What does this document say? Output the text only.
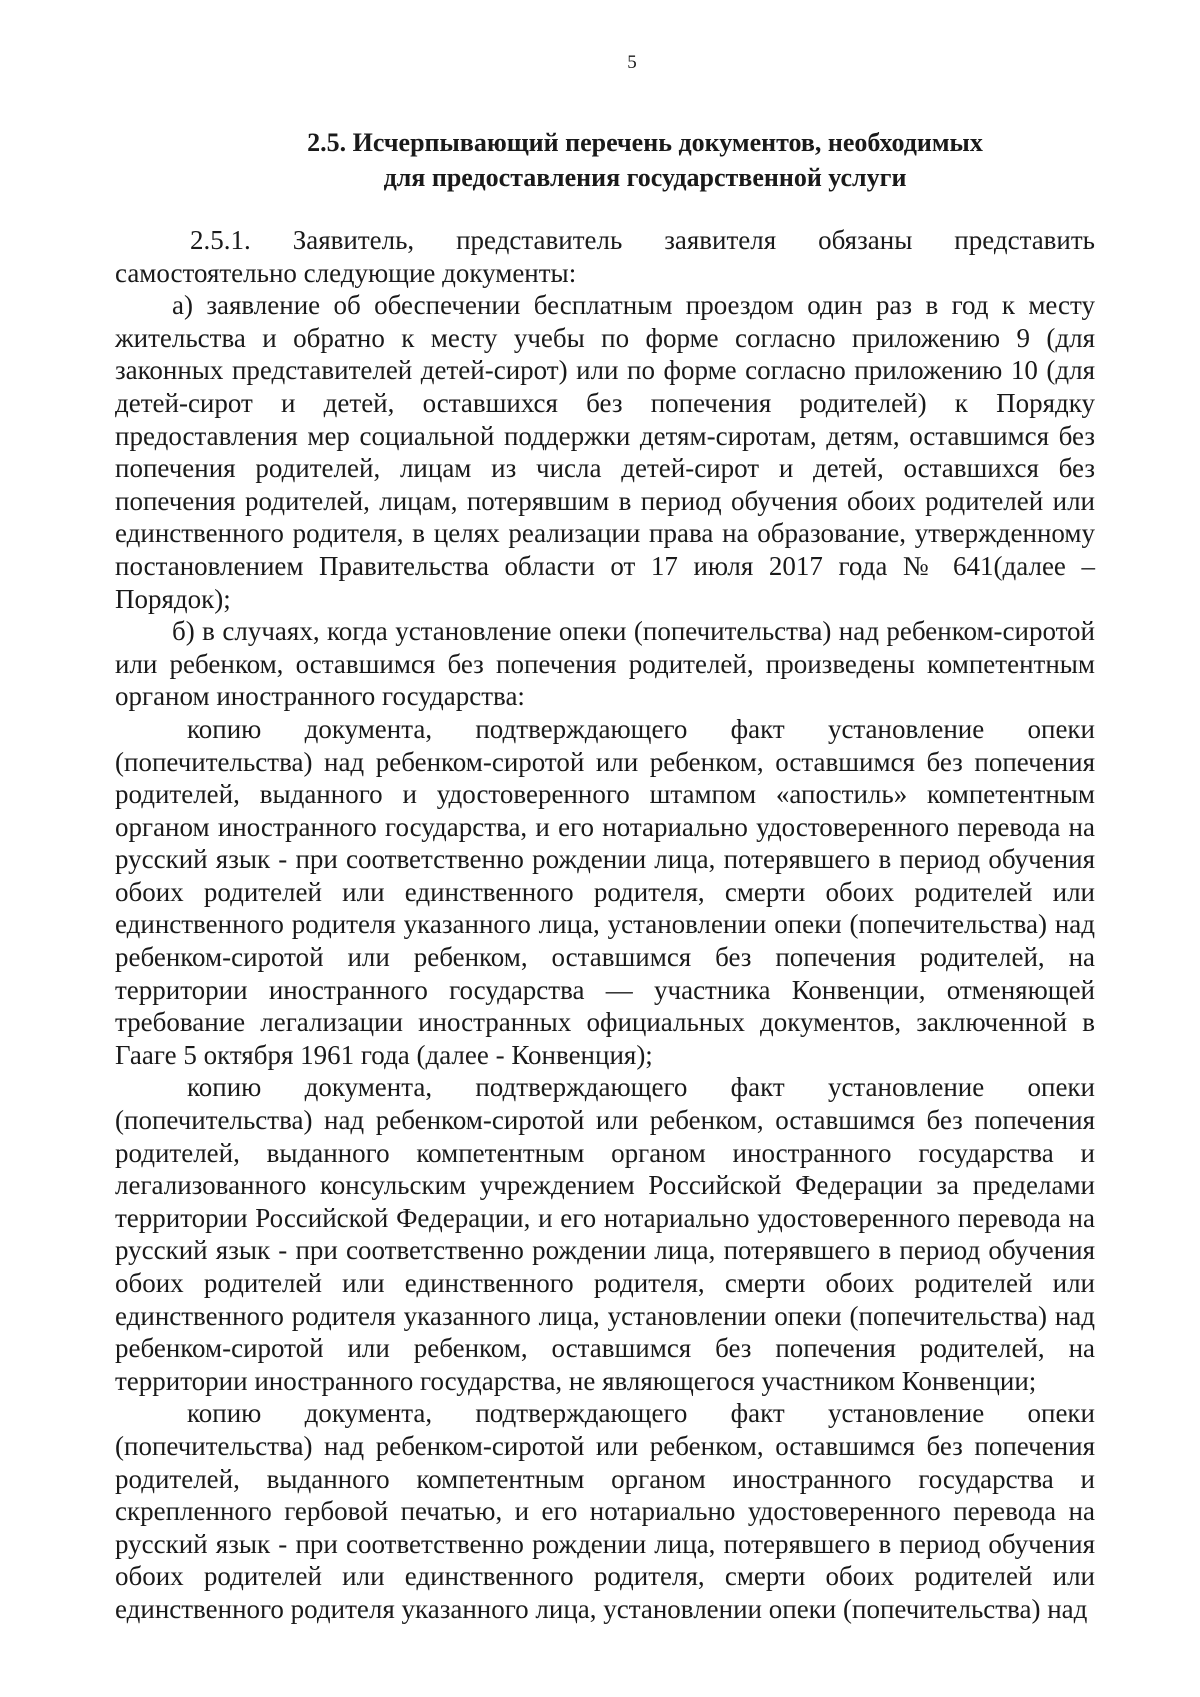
5
2.5. Исчерпывающий перечень документов, необходимых
для предоставления государственной услуги

2.5.1. Заявитель, представитель заявителя обязаны представить самостоятельно следующие документы:

а) заявление об обеспечении бесплатным проездом один раз в год к месту жительства и обратно к месту учебы по форме согласно приложению 9 (для законных представителей детей-сирот) или по форме согласно приложению 10 (для детей-сирот и детей, оставшихся без попечения родителей) к Порядку предоставления мер социальной поддержки детям-сиротам, детям, оставшимся без попечения родителей, лицам из числа детей-сирот и детей, оставшихся без попечения родителей, лицам, потерявшим в период обучения обоих родителей или единственного родителя, в целях реализации права на образование, утвержденному постановлением Правительства области от 17 июля 2017 года № 641(далее – Порядок);

б) в случаях, когда установление опеки (попечительства) над ребенком-сиротой или ребенком, оставшимся без попечения родителей, произведены компетентным органом иностранного государства:

копию документа, подтверждающего факт установление опеки (попечительства) над ребенком-сиротой или ребенком, оставшимся без попечения родителей, выданного и удостоверенного штампом «апостиль» компетентным органом иностранного государства, и его нотариально удостоверенного перевода на русский язык - при соответственно рождении лица, потерявшего в период обучения обоих родителей или единственного родителя, смерти обоих родителей или единственного родителя указанного лица, установлении опеки (попечительства) над ребенком-сиротой или ребенком, оставшимся без попечения родителей, на территории иностранного государства — участника Конвенции, отменяющей требование легализации иностранных официальных документов, заключенной в Гааге 5 октября 1961 года (далее - Конвенция);

копию документа, подтверждающего факт установление опеки (попечительства) над ребенком-сиротой или ребенком, оставшимся без попечения родителей, выданного компетентным органом иностранного государства и легализованного консульским учреждением Российской Федерации за пределами территории Российской Федерации, и его нотариально удостоверенного перевода на русский язык - при соответственно рождении лица, потерявшего в период обучения обоих родителей или единственного родителя, смерти обоих родителей или единственного родителя указанного лица, установлении опеки (попечительства) над ребенком-сиротой или ребенком, оставшимся без попечения родителей, на территории иностранного государства, не являющегося участником Конвенции;

копию документа, подтверждающего факт установление опеки (попечительства) над ребенком-сиротой или ребенком, оставшимся без попечения родителей, выданного компетентным органом иностранного государства и скрепленного гербовой печатью, и его нотариально удостоверенного перевода на русский язык - при соответственно рождении лица, потерявшего в период обучения обоих родителей или единственного родителя, смерти обоих родителей или единственного родителя указанного лица, установлении опеки (попечительства) над
